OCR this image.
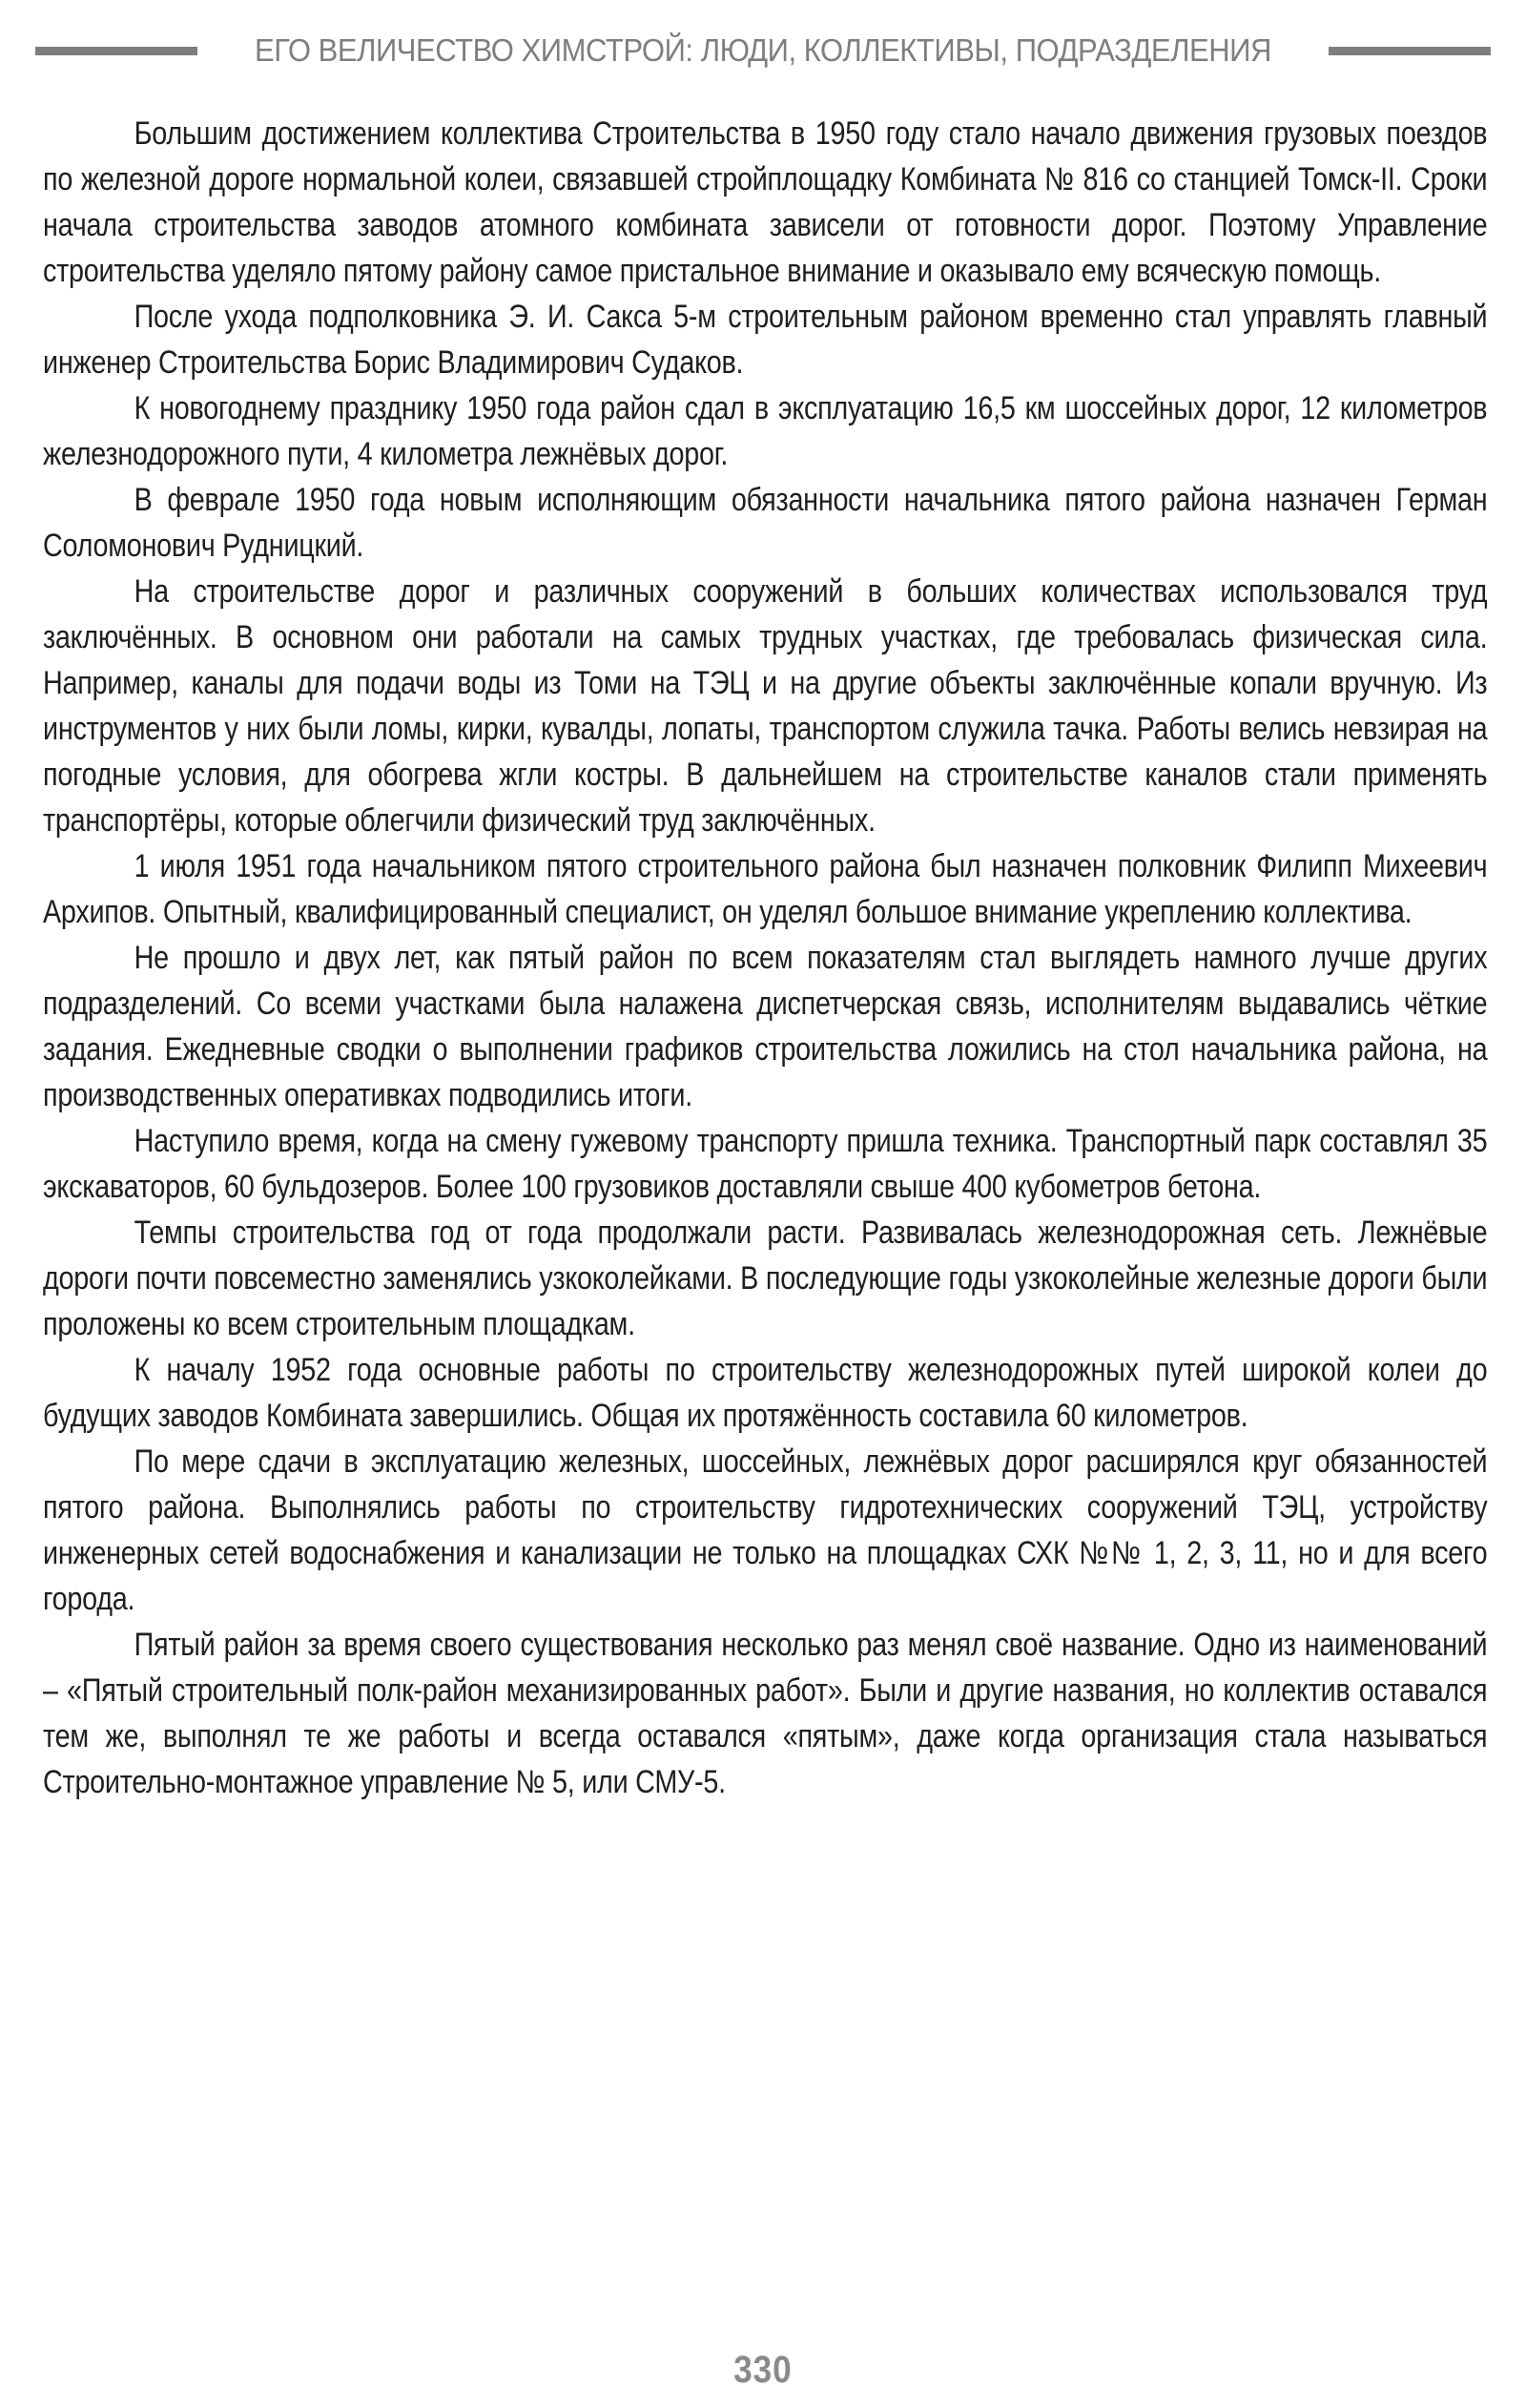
ЕГО ВЕЛИЧЕСТВО ХИМСТРОЙ: ЛЮДИ, КОЛЛЕКТИВЫ, ПОДРАЗДЕЛЕНИЯ

Большим достижением коллектива Строительства в 1950 году стало начало движения грузовых поездов по железной дороге нормальной колеи, связавшей стройплощадку Комбината № 816 со станцией Томск-II. Сроки начала строительства заводов атомного комбината зависели от готовности дорог. Поэтому Управление строительства уделяло пятому району самое пристальное внимание и оказывало ему всяческую помощь.

После ухода подполковника Э. И. Сакса 5-м строительным районом временно стал управлять главный инженер Строительства Борис Владимирович Судаков.

К новогоднему празднику 1950 года район сдал в эксплуатацию 16,5 км шоссейных дорог, 12 километров железнодорожного пути, 4 километра лежнёвых дорог.

В феврале 1950 года новым исполняющим обязанности начальника пятого района назначен Герман Соломонович Рудницкий.

На строительстве дорог и различных сооружений в больших количествах использовался труд заключённых. В основном они работали на самых трудных участках, где требовалась физическая сила. Например, каналы для подачи воды из Томи на ТЭЦ и на другие объекты заключённые копали вручную. Из инструментов у них были ломы, кирки, кувалды, лопаты, транспортом служила тачка. Работы велись невзирая на погодные условия, для обогрева жгли костры. В дальнейшем на строительстве каналов стали применять транспортёры, которые облегчили физический труд заключённых.

1 июля 1951 года начальником пятого строительного района был назначен полковник Филипп Михеевич Архипов. Опытный, квалифицированный специалист, он уделял большое внимание укреплению коллектива.

Не прошло и двух лет, как пятый район по всем показателям стал выглядеть намного лучше других подразделений. Со всеми участками была налажена диспетчерская связь, исполнителям выдавались чёткие задания. Ежедневные сводки о выполнении графиков строительства ложились на стол начальника района, на производственных оперативках подводились итоги.

Наступило время, когда на смену гужевому транспорту пришла техника. Транспортный парк составлял 35 экскаваторов, 60 бульдозеров. Более 100 грузовиков доставляли свыше 400 кубометров бетона.

Темпы строительства год от года продолжали расти. Развивалась железнодорожная сеть. Лежнёвые дороги почти повсеместно заменялись узкоколейками. В последующие годы узкоколейные железные дороги были проложены ко всем строительным площадкам.

К началу 1952 года основные работы по строительству железнодорожных путей широкой колеи до будущих заводов Комбината завершились. Общая их протяжённость составила 60 километров.

По мере сдачи в эксплуатацию железных, шоссейных, лежнёвых дорог расширялся круг обязанностей пятого района. Выполнялись работы по строительству гидротехнических сооружений ТЭЦ, устройству инженерных сетей водоснабжения и канализации не только на площадках СХК №№ 1, 2, 3, 11, но и для всего города.

Пятый район за время своего существования несколько раз менял своё название. Одно из наименований – «Пятый строительный полк-район механизированных работ». Были и другие названия, но коллектив оставался тем же, выполнял те же работы и всегда оставался «пятым», даже когда организация стала называться Строительно-монтажное управление № 5, или СМУ-5.

330
